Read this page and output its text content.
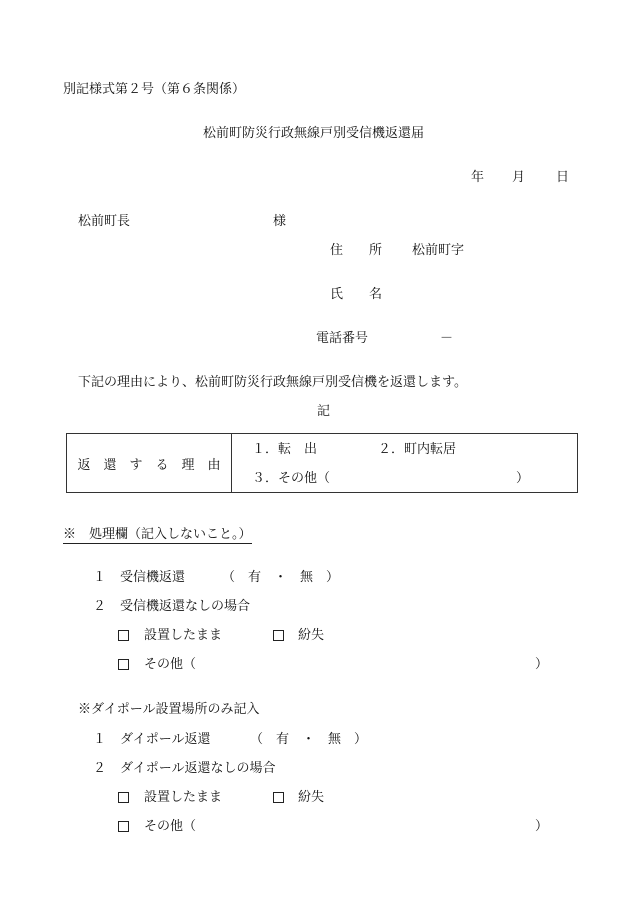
別記様式第２号（第６条関係）
松前町防災行政無線戸別受信機返還届
年 月 日
松前町長	様
住　　所 松前町字
氏　　名
電話番号	－
下記の理由により、松前町防災行政無線戸別受信機を返還します。
記
返　還　す　る　理　由	
１．転　出	２．町内転居
３．その他（	）
※　処理欄（記入しないこと。）
１ 受信機返還	（　有　・　無　）
２ 受信機返還なしの場合
設置したまま	紛失
その他（	）
※ダイポール設置場所のみ記入
１ ダイポール返還	（　有　・　無　）
２ ダイポール返還なしの場合
設置したまま	紛失
その他（	）
